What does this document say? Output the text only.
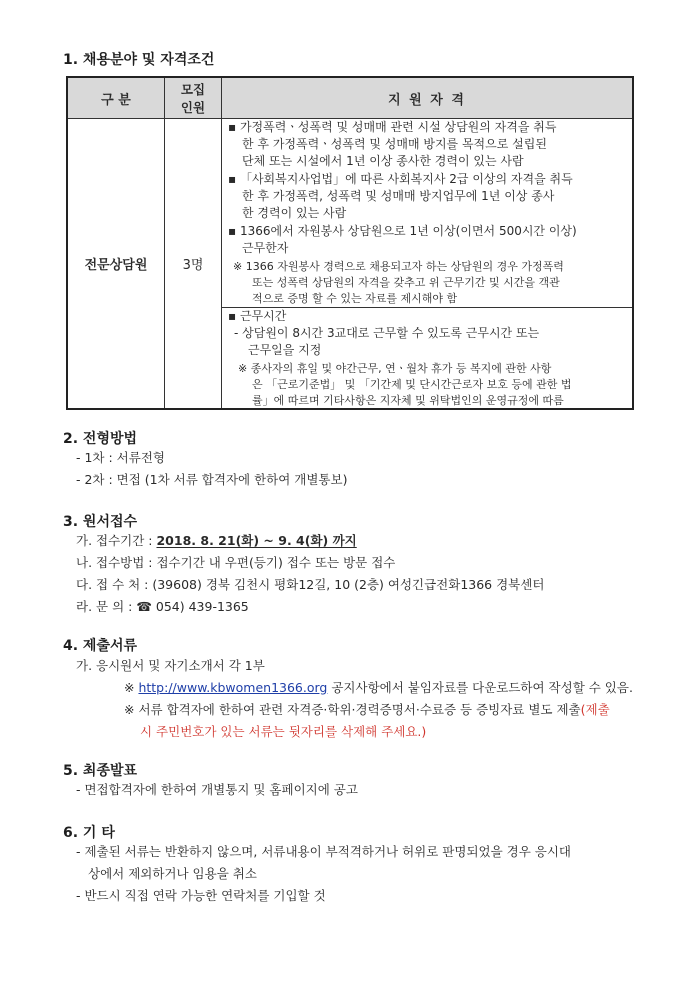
1. 채용분야 및 자격조건
구 분
모집
인원	지 원 자 격
전문상담원	3명
▪ 가정폭력ㆍ성폭력 및 성매매 관련 시설 상담원의 자격을 취득
한 후 가정폭력ㆍ성폭력 및 성매매 방지를 목적으로 설립된
단체 또는 시설에서 1년 이상 종사한 경력이 있는 사람
▪ 「사회복지사업법」에 따른 사회복지사 2급 이상의 자격을 취득
한 후 가정폭력, 성폭력 및 성매매 방지업무에 1년 이상 종사
한 경력이 있는 사람
▪ 1366에서 자원봉사 상담원으로 1년 이상(이면서 500시간 이상)
근무한자
※ 1366 자원봉사 경력으로 채용되고자 하는 상담원의 경우 가정폭력
또는 성폭력 상담원의 자격을 갖추고 위 근무기간 및 시간을 객관
적으로 증명 할 수 있는 자료를 제시해야 함
▪ 근무시간
- 상담원이 8시간 3교대로 근무할 수 있도록 근무시간 또는
근무일을 지정
※ 종사자의 휴일 및 야간근무, 연ㆍ월차 휴가 등 복지에 관한 사항
은 「근로기준법」 및 「기간제 및 단시간근로자 보호 등에 관한 법
률」에 따르며 기타사항은 지자체 및 위탁법인의 운영규정에 따름
2. 전형방법
- 1차 : 서류전형
- 2차 : 면접 (1차 서류 합격자에 한하여 개별통보)
3. 원서접수
가. 접수기간 : 2018. 8. 21(화) ~ 9. 4(화) 까지
나. 접수방법 : 접수기간 내 우편(등기) 접수 또는 방문 접수
다. 접 수 처 : (39608) 경북 김천시 평화12길, 10 (2층) 여성긴급전화1366 경북센터
라. 문 의 : ☎ 054) 439-1365
4. 제출서류
가. 응시원서 및 자기소개서 각 1부
※ http://www.kbwomen1366.org 공지사항에서 붙임자료를 다운로드하여 작성할 수 있음.
※ 서류 합격자에 한하여 관련 자격증·학위·경력증명서·수료증 등 증빙자료 별도 제출(제출
시 주민번호가 있는 서류는 뒷자리를 삭제해 주세요.)
5. 최종발표
- 면접합격자에 한하여 개별통지 및 홈페이지에 공고
6. 기 타
- 제출된 서류는 반환하지 않으며, 서류내용이 부적격하거나 허위로 판명되었을 경우 응시대
상에서 제외하거나 임용을 취소
- 반드시 직접 연락 가능한 연락처를 기입할 것
